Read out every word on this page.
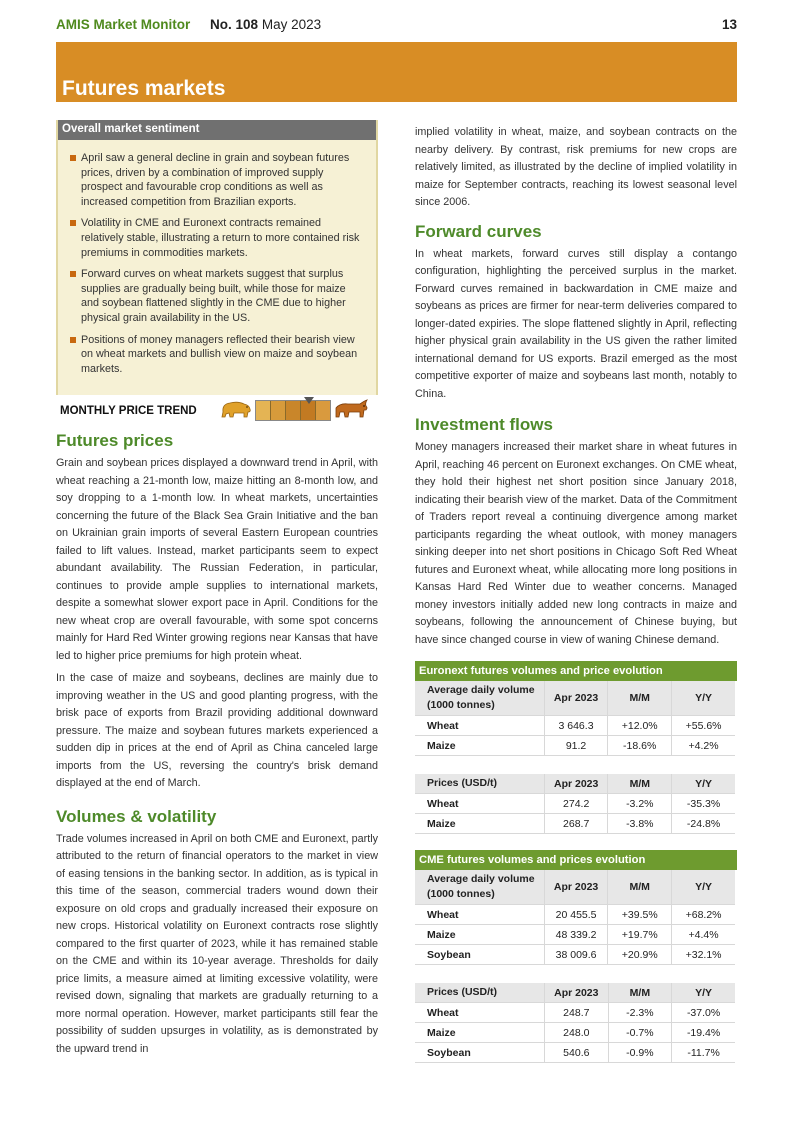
AMIS Market Monitor No. 108 May 2023	13
Futures markets
Overall market sentiment
April saw a general decline in grain and soybean futures prices, driven by a combination of improved supply prospect and favourable crop conditions as well as increased competition from Brazilian exports.
Volatility in CME and Euronext contracts remained relatively stable, illustrating a return to more contained risk premiums in commodities markets.
Forward curves on wheat markets suggest that surplus supplies are gradually being built, while those for maize and soybean flattened slightly in the CME due to higher physical grain availability in the US.
Positions of money managers reflected their bearish view on wheat markets and bullish view on maize and soybean markets.
MONTHLY PRICE TREND
Futures prices

Grain and soybean prices displayed a downward trend in April, with wheat reaching a 21-month low, maize hitting an 8-month low, and soy dropping to a 1-month low. In wheat markets, uncertainties concerning the future of the Black Sea Grain Initiative and the ban on Ukrainian grain imports of several Eastern European countries failed to lift values. Instead, market participants seem to expect abundant availability. The Russian Federation, in particular, continues to provide ample supplies to international markets, despite a somewhat slower export pace in April. Conditions for the new wheat crop are overall favourable, with some spot concerns mainly for Hard Red Winter growing regions near Kansas that have led to higher price premiums for high protein wheat.

In the case of maize and soybeans, declines are mainly due to improving weather in the US and good planting progress, with the brisk pace of exports from Brazil providing additional downward pressure. The maize and soybean futures markets experienced a sudden dip in prices at the end of April as China canceled large imports from the US, reversing the country's brisk demand displayed at the end of March.

Volumes & volatility

Trade volumes increased in April on both CME and Euronext, partly attributed to the return of financial operators to the market in view of easing tensions in the banking sector. In addition, as is typical in this time of the season, commercial traders wound down their exposure on old crops and gradually increased their exposure on new crops. Historical volatility on Euronext contracts rose slightly compared to the first quarter of 2023, while it has remained stable on the CME and within its 10-year average. Thresholds for daily price limits, a measure aimed at limiting excessive volatility, were revised down, signaling that markets are gradually returning to a more normal operation. However, market participants still fear the possibility of sudden upsurges in volatility, as is demonstrated by the upward trend in

implied volatility in wheat, maize, and soybean contracts on the nearby delivery. By contrast, risk premiums for new crops are relatively limited, as illustrated by the decline of implied volatility in maize for September contracts, reaching its lowest seasonal level since 2006.

Forward curves

In wheat markets, forward curves still display a contango configuration, highlighting the perceived surplus in the market. Forward curves remained in backwardation in CME maize and soybeans as prices are firmer for near-term deliveries compared to longer-dated expiries. The slope flattened slightly in April, reflecting higher physical grain availability in the US given the rather limited international demand for US exports. Brazil emerged as the most competitive exporter of maize and soybeans last month, notably to China.

Investment flows

Money managers increased their market share in wheat futures in April, reaching 46 percent on Euronext exchanges. On CME wheat, they hold their highest net short position since January 2018, indicating their bearish view of the market. Data of the Commitment of Traders report reveal a continuing divergence among market participants regarding the wheat outlook, with money managers sinking deeper into net short positions in Chicago Soft Red Wheat futures and Euronext wheat, while allocating more long positions in Kansas Hard Red Winter due to weather concerns. Managed money investors initially added new long contracts in maize and soybeans, following the announcement of Chinese buying, but have since changed course in view of waning Chinese demand.

Euronext futures volumes and price evolution
Average daily volume (1000 tonnes)	Apr 2023	M/M	Y/Y
Wheat	3 646.3	+12.0%	+55.6%
Maize	91.2	-18.6%	+4.2%
Prices (USD/t)	Apr 2023	M/M	Y/Y
Wheat	274.2	-3.2%	-35.3%
Maize	268.7	-3.8%	-24.8%
CME futures volumes and prices evolution
Average daily volume (1000 tonnes)	Apr 2023	M/M	Y/Y
Wheat	20 455.5	+39.5%	+68.2%
Maize	48 339.2	+19.7%	+4.4%
Soybean	38 009.6	+20.9%	+32.1%
Prices (USD/t)	Apr 2023	M/M	Y/Y
Wheat	248.7	-2.3%	-37.0%
Maize	248.0	-0.7%	-19.4%
Soybean	540.6	-0.9%	-11.7%
